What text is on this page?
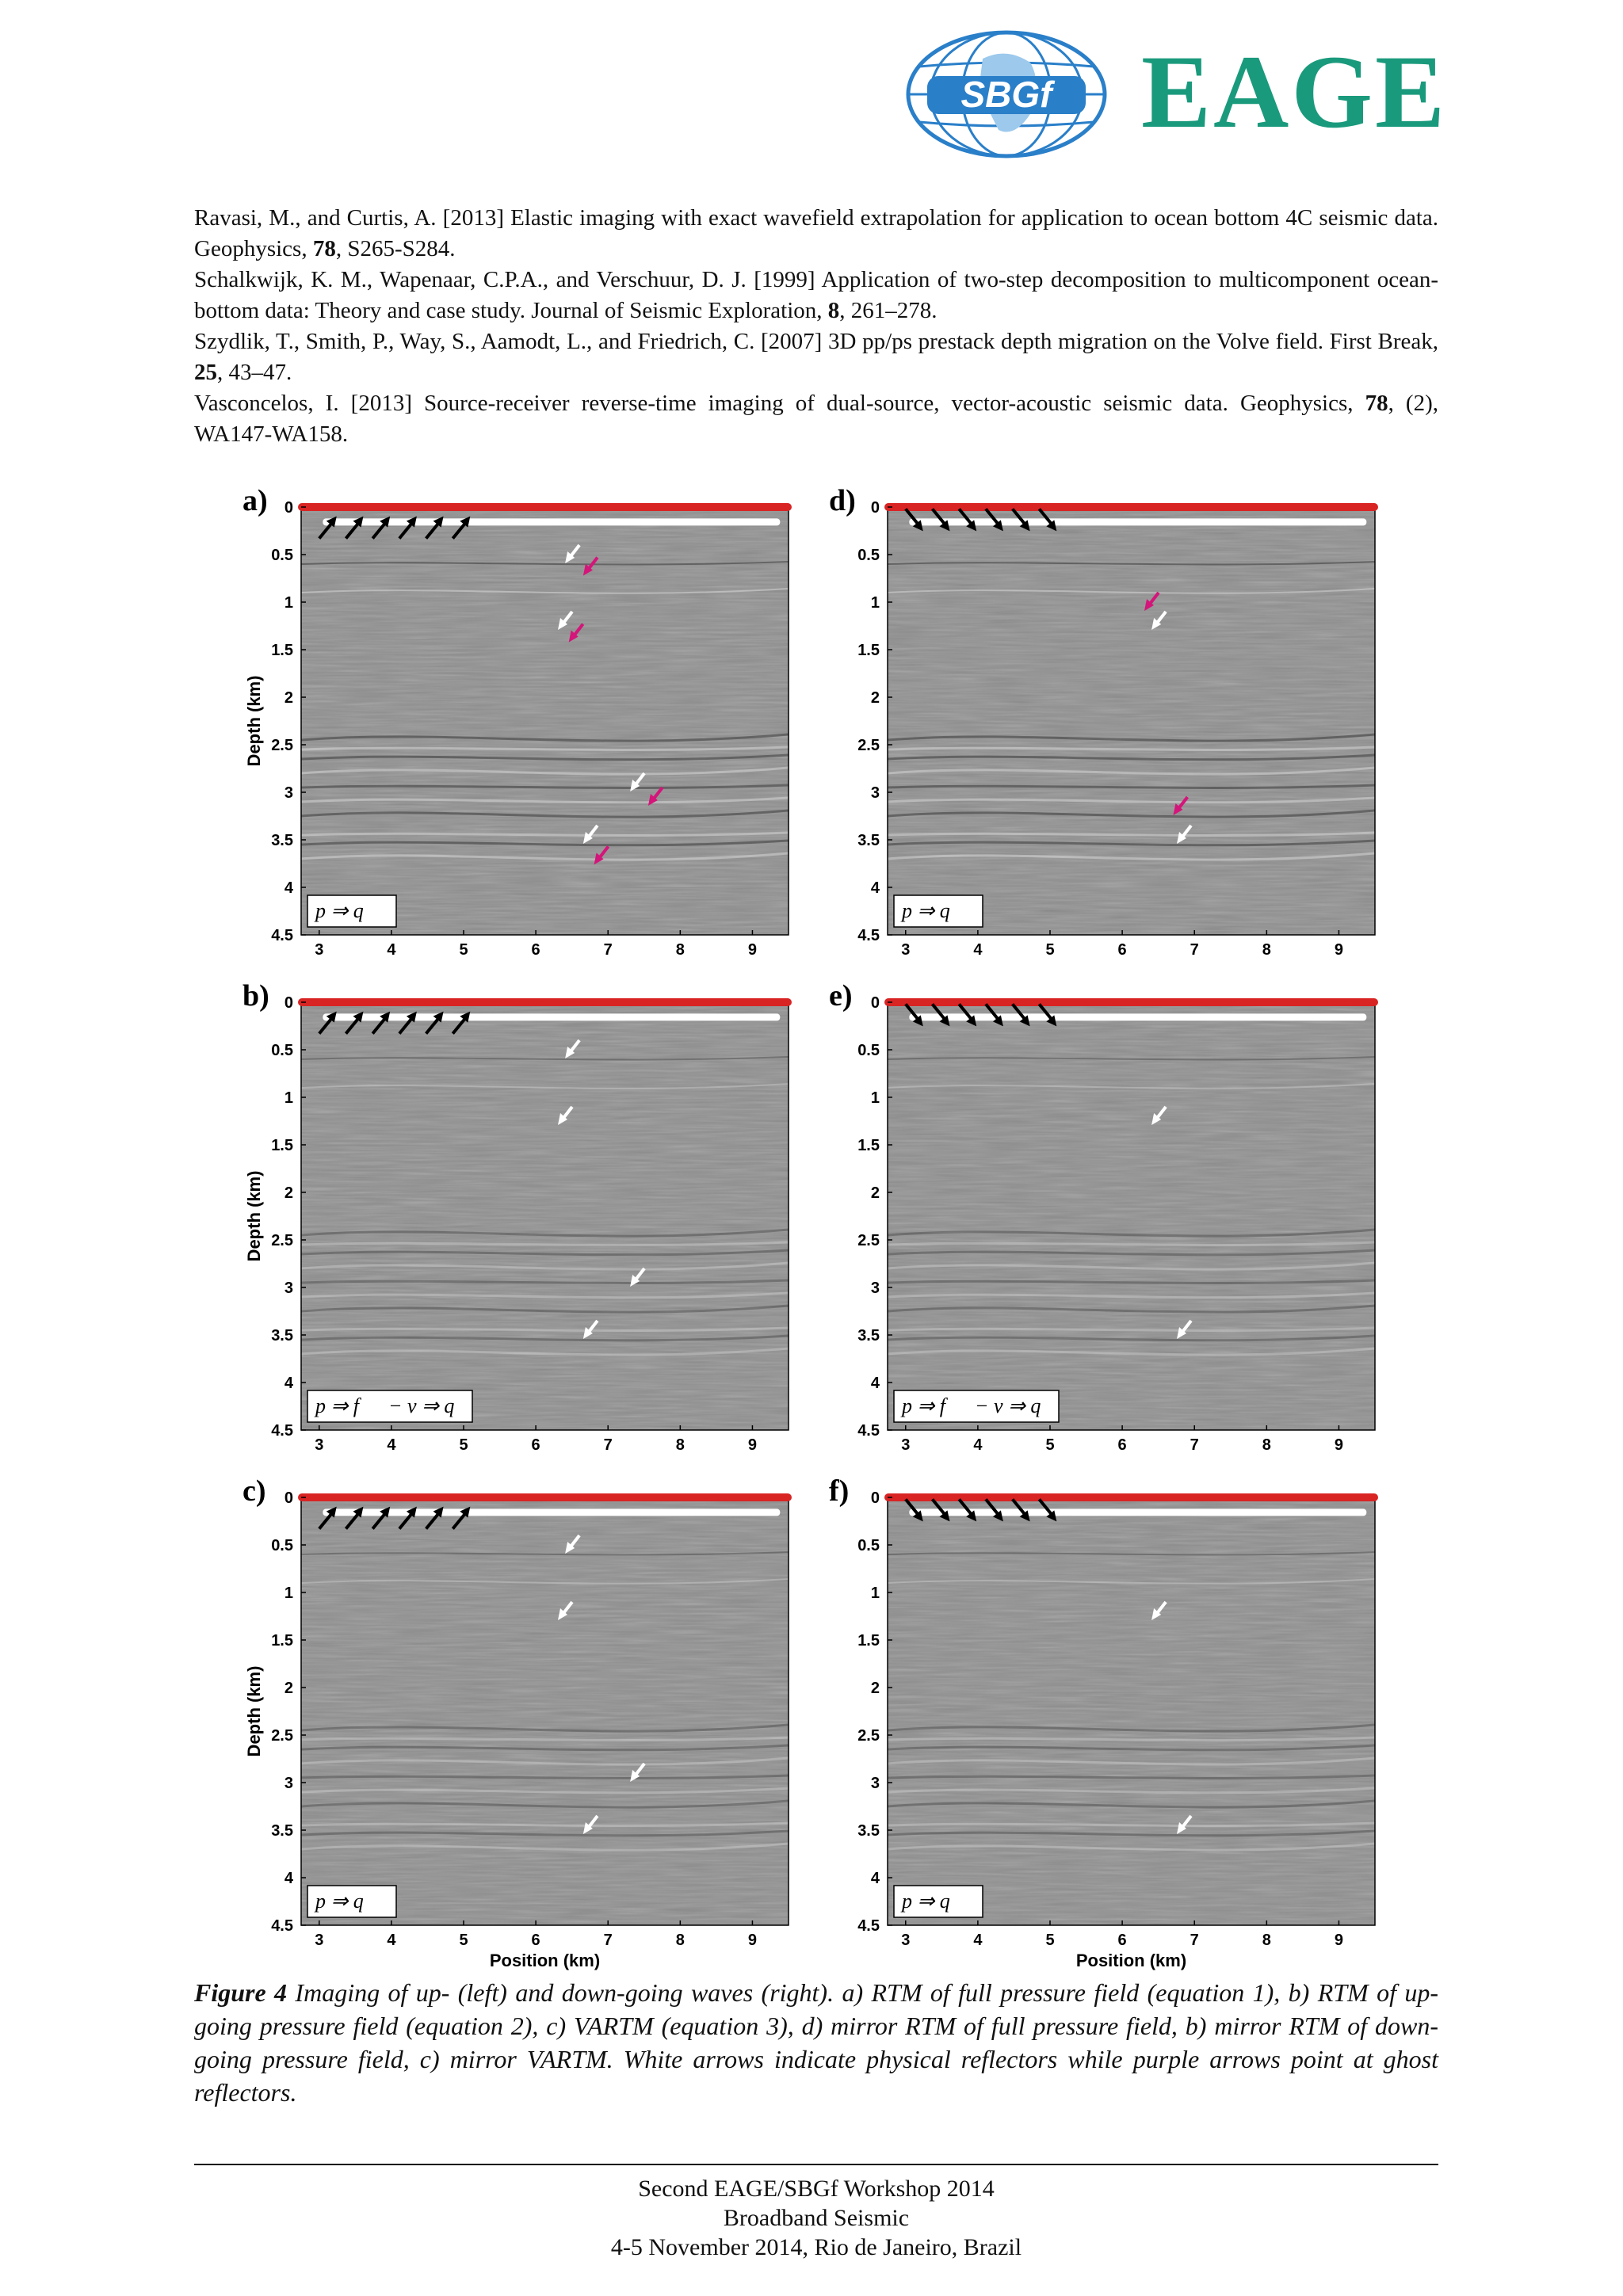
SBGf EAGE

Ravasi, M., and Curtis, A. [2013] Elastic imaging with exact wavefield extrapolation for application to ocean bottom 4C seismic data. Geophysics, 78, S265-S284.

Schalkwijk, K. M., Wapenaar, C.P.A., and Verschuur, D. J. [1999] Application of two-step decomposition to multicomponent ocean-bottom data: Theory and case study. Journal of Seismic Exploration, 8, 261–278.

Szydlik, T., Smith, P., Way, S., Aamodt, L., and Friedrich, C. [2007] 3D pp/ps prestack depth migration on the Volve field. First Break, 25, 43–47.

Vasconcelos, I. [2013] Source-receiver reverse-time imaging of dual-source, vector-acoustic seismic data. Geophysics, 78, (2), WA147-WA158.

0
0.5
1
1.5
2
2.5
3
3.5
4
4.5
3	4	5	6	7	8	9
Depth (km)
a)
p ⇒ q
0
0.5
1
1.5
2
2.5
3
3.5
4
4.5
3	4	5	6	7	8	9
Depth (km)
b)
p ⇒ f − v ⇒ q
0
0.5
1
1.5
2
2.5
3
3.5
4
4.5
3	4	5	6	7	8	9
Depth (km)
Position (km)
c)
p ⇒ q
0
0.5
1
1.5
2
2.5
3
3.5
4
4.5
3	4	5	6	7	8	9
d)
p ⇒ q
0
0.5
1
1.5
2
2.5
3
3.5
4
4.5
3	4	5	6	7	8	9
e)
p ⇒ f − v ⇒ q
0
0.5
1
1.5
2
2.5
3
3.5
4
4.5
3	4	5	6	7	8	9
Position (km)
f)
p ⇒ q
Figure 4 Imaging of up- (left) and down-going waves (right). a) RTM of full pressure field (equation 1), b) RTM of up-going pressure field (equation 2), c) VARTM (equation 3), d) mirror RTM of full pressure field, b) mirror RTM of down-going pressure field, c) mirror VARTM. White arrows indicate physical reflectors while purple arrows point at ghost reflectors.
Second EAGE/SBGf Workshop 2014
Broadband Seismic
4-5 November 2014, Rio de Janeiro, Brazil
